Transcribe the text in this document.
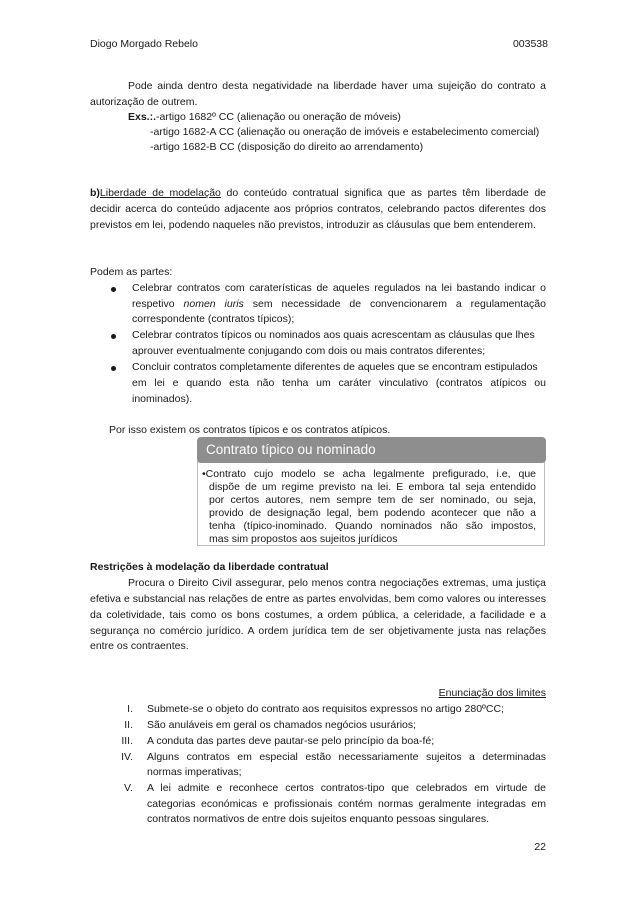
Diogo Morgado Rebelo	003538
Pode ainda dentro desta negatividade na liberdade haver uma sujeição do contrato a
autorização de outrem.
Exs.:.-artigo 1682º CC (alienação ou oneração de móveis)
-artigo 1682-A CC (alienação ou oneração de imóveis e estabelecimento comercial)
-artigo 1682-B CC (disposição do direito ao arrendamento)
b)Liberdade de modelação do conteúdo contratual significa que as partes têm liberdade de
decidir acerca do conteúdo adjacente aos próprios contratos, celebrando pactos diferentes dos
previstos em lei, podendo naqueles não previstos, introduzir as cláusulas que bem entenderem.
Podem as partes:
Celebrar contratos com caraterísticas de aqueles regulados na lei bastando indicar o
respetivo nomen iuris sem necessidade de convencionarem a regulamentação
correspondente (contratos típicos);
Celebrar contratos típicos ou nominados aos quais acrescentam as cláusulas que lhes
aprouver eventualmente conjugando com dois ou mais contratos diferentes;
Concluir contratos completamente diferentes de aqueles que se encontram estipulados
em lei e quando esta não tenha um caráter vinculativo (contratos atípicos ou
inominados).
Por isso existem os contratos típicos e os contratos atípicos.
Contrato típico ou nominado
•Contrato cujo modelo se acha legalmente prefigurado, i.e, que
dispõe de um regime previsto na lei. E embora tal seja entendido
por certos autores, nem sempre tem de ser nominado, ou seja,
provido de designação legal, bem podendo acontecer que não a
tenha (típico-inominado. Quando nominados não são impostos,
mas sim propostos aos sujeitos jurídicos
Restrições à modelação da liberdade contratual
Procura o Direito Civil assegurar, pelo menos contra negociações extremas, uma justiça
efetiva e substancial nas relações de entre as partes envolvidas, bem como valores ou interesses
da coletividade, tais como os bons costumes, a ordem pública, a celeridade, a facilidade e a
segurança no comércio jurídico. A ordem jurídica tem de ser objetivamente justa nas relações
entre os contraentes.
Enunciação dos limites
I. Submete-se o objeto do contrato aos requisitos expressos no artigo 280ºCC;
II. São anuláveis em geral os chamados negócios usurários;
III. A conduta das partes deve pautar-se pelo princípio da boa-fé;
IV. Alguns contratos em especial estão necessariamente sujeitos a determinadas
normas imperativas;
V. A lei admite e reconhece certos contratos-tipo que celebrados em virtude de
categorias económicas e profissionais contém normas geralmente integradas em
contratos normativos de entre dois sujeitos enquanto pessoas singulares.
22
